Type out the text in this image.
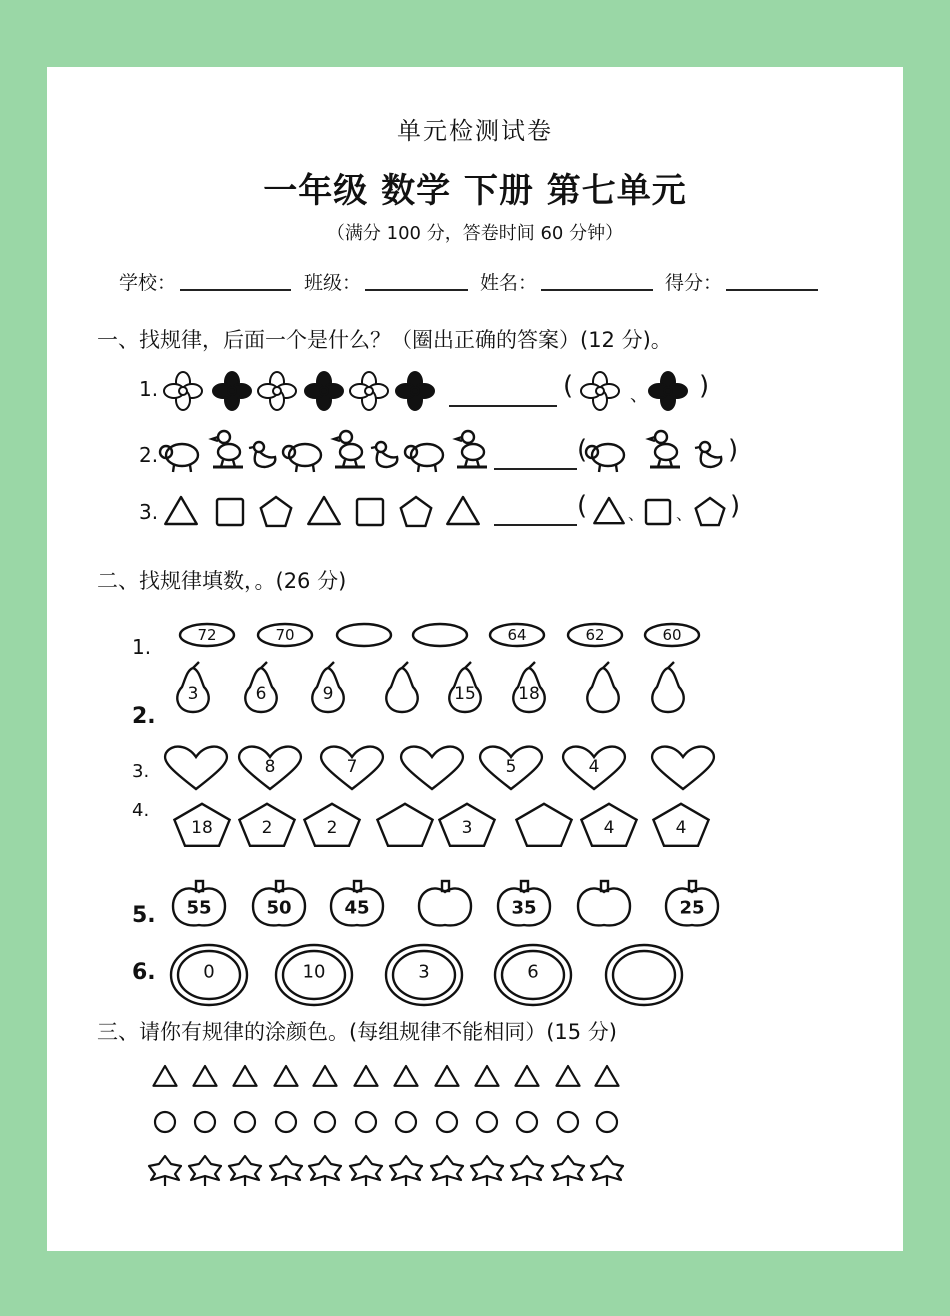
单元检测试卷
一年级 数学 下册 第七单元
（满分 100 分，答卷时间 60 分钟）
学校：	班级：	姓名：	得分：
一、找规律，后面一个是什么？（圈出正确的答案）(12 分)。
1.	(	)
、
2.	(	)
3.	(	)
二、找规律填数，。(26 分)
1.
2.
3.
4.
5.
6.
三、请你有规律的涂颜色。(每组规律不能相同）(15 分)
、 、
72	70	64	62	60
3	6	9	15 18
8	7	5	4
18	2	2	3	4	4
55	50	45	35	25
0	10	3	6
